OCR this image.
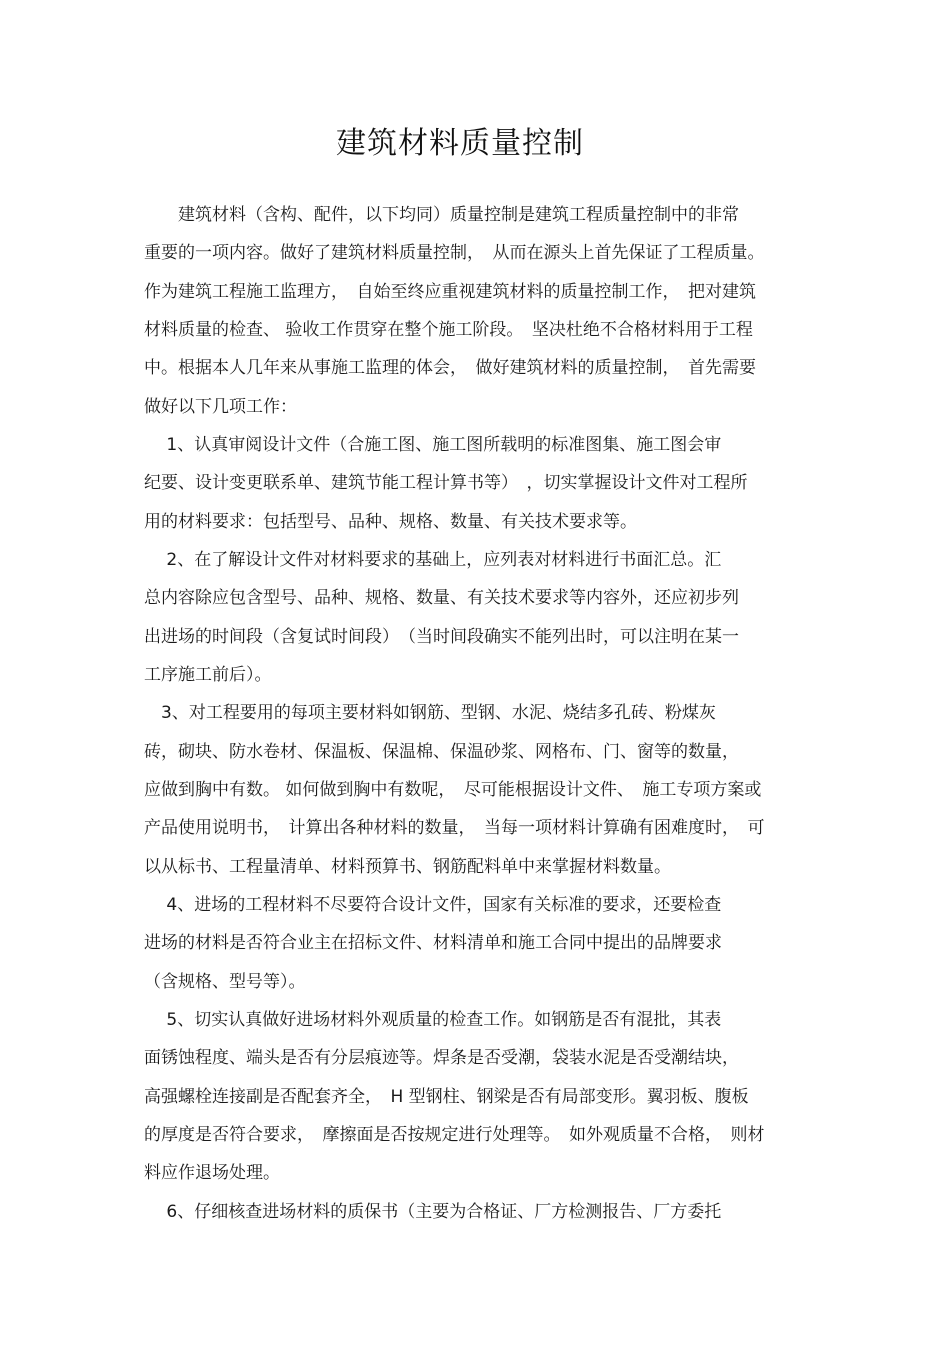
建筑材料质量控制
　　建筑材料（含构、配件，以下均同）质量控制是建筑工程质量控制中的非常
重要的一项内容。做好了建筑材料质量控制，　从而在源头上首先保证了工程质量。
作为建筑工程施工监理方，　自始至终应重视建筑材料的质量控制工作，　把对建筑
材料质量的检查、 验收工作贯穿在整个施工阶段。　坚决杜绝不合格材料用于工程
中。根据本人几年来从事施工监理的体会，　做好建筑材料的质量控制，　首先需要
做好以下几项工作：
　 1、认真审阅设计文件（合施工图、施工图所载明的标准图集、施工图会审
纪要、设计变更联系单、建筑节能工程计算书等）　，切实掌握设计文件对工程所
用的材料要求：包括型号、品种、规格、数量、有关技术要求等。
　 2、在了解设计文件对材料要求的基础上，应列表对材料进行书面汇总。汇
总内容除应包含型号、品种、规格、数量、有关技术要求等内容外，还应初步列
出进场的时间段（含复试时间段）　（当时间段确实不能列出时，可以注明在某一
工序施工前后）。
　3、对工程要用的每项主要材料如钢筋、型钢、水泥、烧结多孔砖、粉煤灰
砖，砌块、防水卷材、保温板、保温棉、保温砂浆、网格布、门、窗等的数量，
应做到胸中有数。 如何做到胸中有数呢，　尽可能根据设计文件、　施工专项方案或
产品使用说明书，　计算出各种材料的数量，　当每一项材料计算确有困难度时，　可
以从标书、工程量清单、材料预算书、钢筋配料单中来掌握材料数量。
　 4、进场的工程材料不尽要符合设计文件，国家有关标准的要求，还要检查
进场的材料是否符合业主在招标文件、材料清单和施工合同中提出的品牌要求
（含规格、型号等）。
　 5、切实认真做好进场材料外观质量的检查工作。如钢筋是否有混批，其表
面锈蚀程度、端头是否有分层痕迹等。焊条是否受潮，袋装水泥是否受潮结块，
高强螺栓连接副是否配套齐全，　H 型钢柱、钢梁是否有局部变形。翼羽板、腹板
的厚度是否符合要求，　摩擦面是否按规定进行处理等。　如外观质量不合格，　则材
料应作退场处理。
　 6、仔细核查进场材料的质保书（主要为合格证、厂方检测报告、厂方委托
